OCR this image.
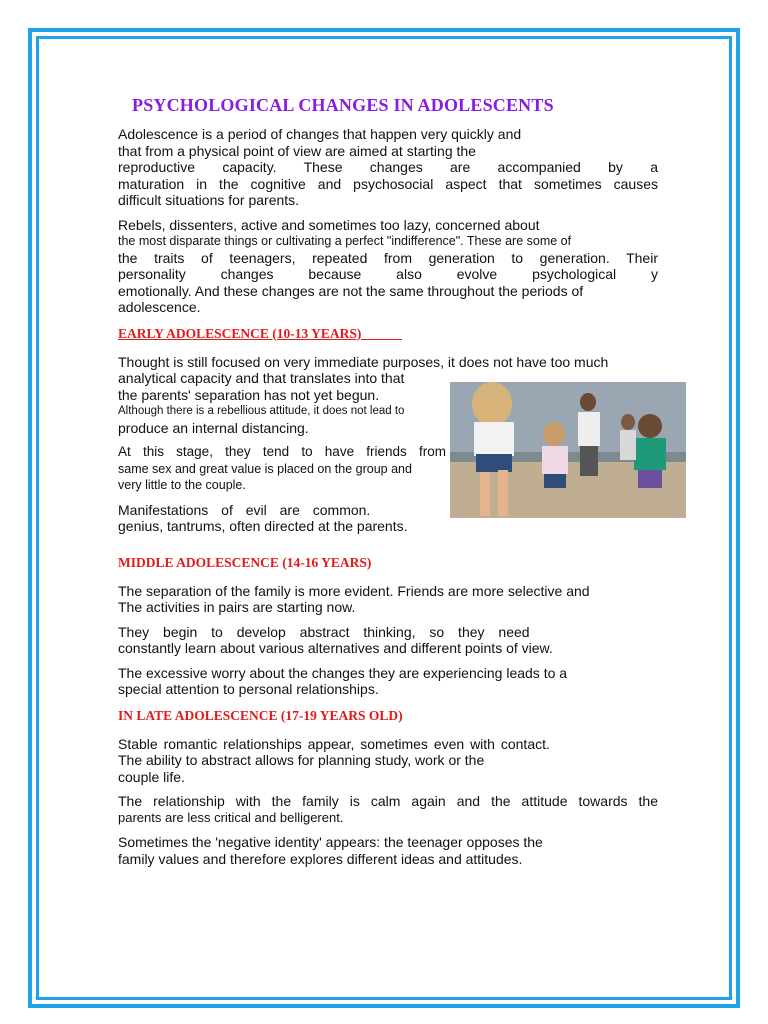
PSYCHOLOGICAL CHANGES IN ADOLESCENTS

Adolescence is a period of changes that happen very quickly and
that from a physical point of view are aimed at starting the
reproductive capacity. These changes are accompanied by a
maturation in the cognitive and psychosocial aspect that sometimes causes
difficult situations for parents.

Rebels, dissenters, active and sometimes too lazy, concerned about
the most disparate things or cultivating a perfect "indifference". These are some of
the traits of teenagers, repeated from generation to generation. Their
personality changes because also evolve psychological y
emotionally. And these changes are not the same throughout the periods of
adolescence.

EARLY ADOLESCENCE (10-13 YEARS)______

Thought is still focused on very immediate purposes, it does not have too much
analytical capacity and that translates into that
the parents' separation has not yet begun.
Although there is a rebellious attitude, it does not lead to
produce an internal distancing.

At this stage, they tend to have friends from
same sex and great value is placed on the group and
very little to the couple.

Manifestations of evil are common.
genius, tantrums, often directed at the parents.

MIDDLE ADOLESCENCE (14-16 YEARS)

The separation of the family is more evident. Friends are more selective and
The activities in pairs are starting now.

They begin to develop abstract thinking, so they need
constantly learn about various alternatives and different points of view.

The excessive worry about the changes they are experiencing leads to a
special attention to personal relationships.

IN LATE ADOLESCENCE (17-19 YEARS OLD)

Stable romantic relationships appear, sometimes even with contact.
The ability to abstract allows for planning study, work or the
couple life.

The relationship with the family is calm again and the attitude towards the
parents are less critical and belligerent.

Sometimes the 'negative identity' appears: the teenager opposes the
family values and therefore explores different ideas and attitudes.
